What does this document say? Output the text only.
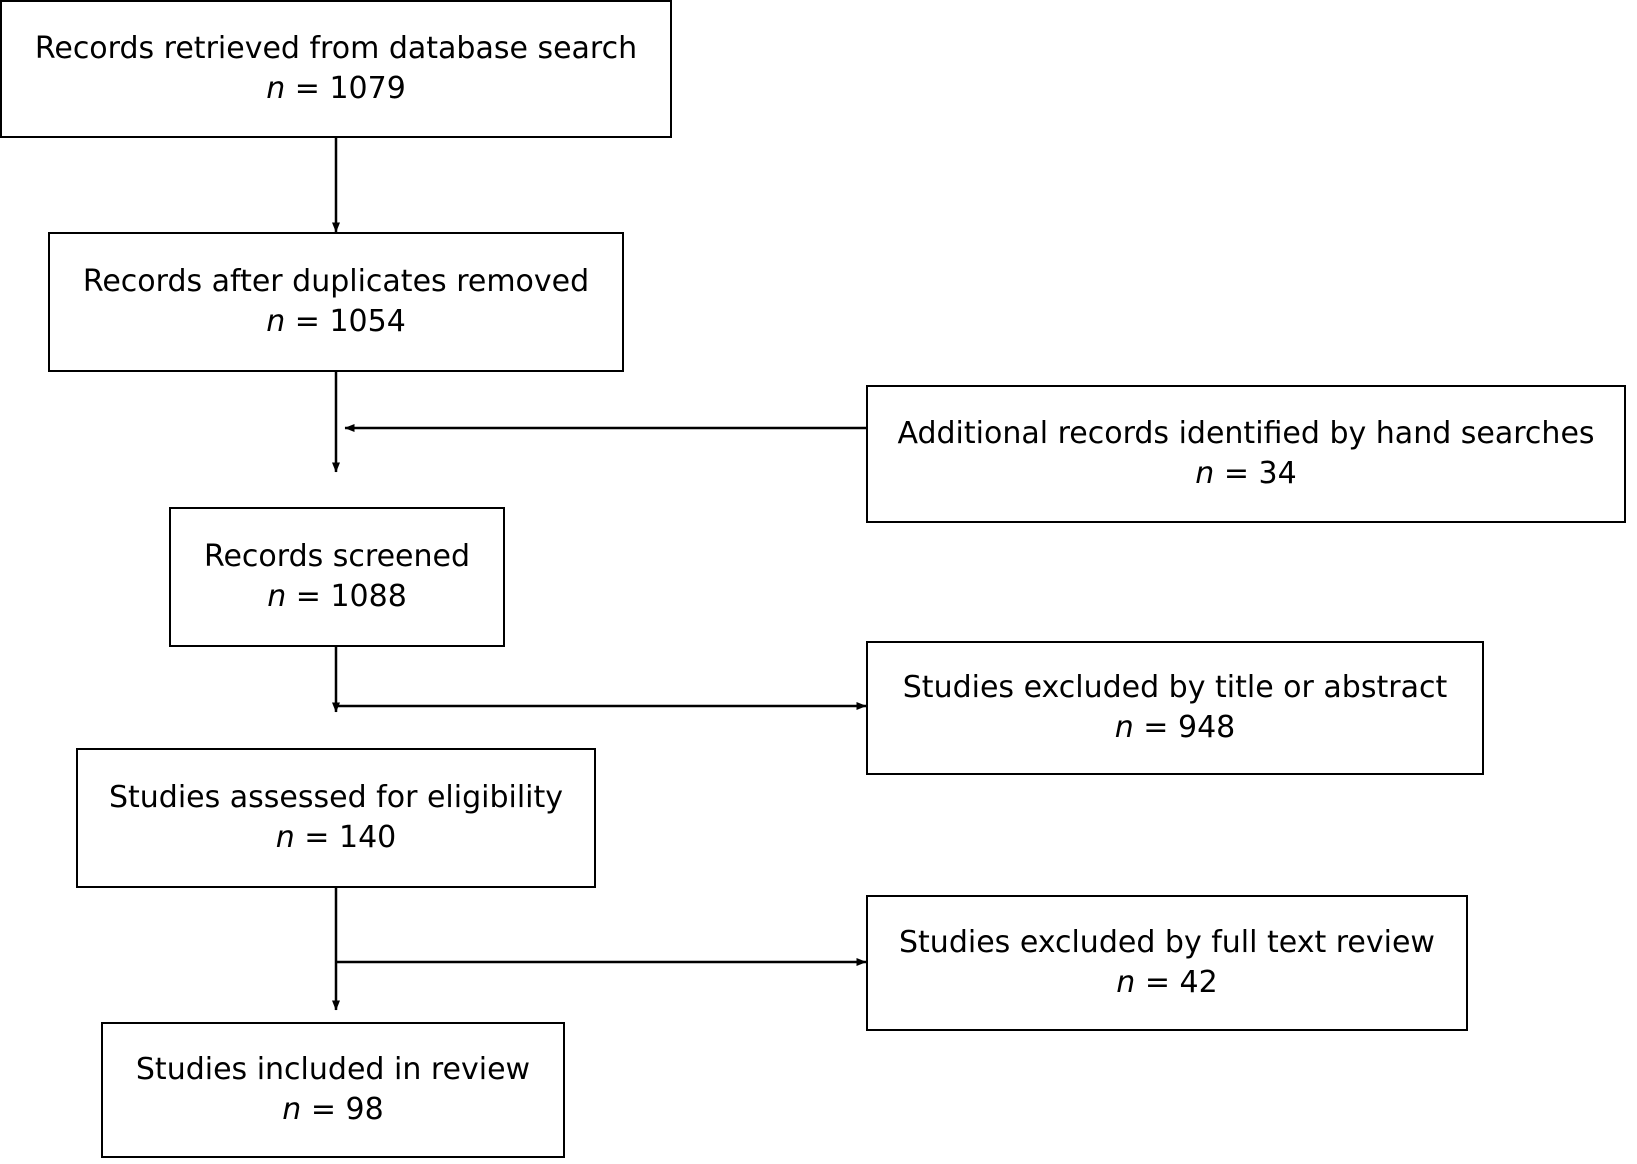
Records retrieved from database search
n = 1079
Records after duplicates removed
n = 1054
Additional records identified by hand searches
n = 34
Records screened
n = 1088
Studies excluded by title or abstract
n = 948
Studies assessed for eligibility
n = 140
Studies excluded by full text review
n = 42
Studies included in review
n = 98
